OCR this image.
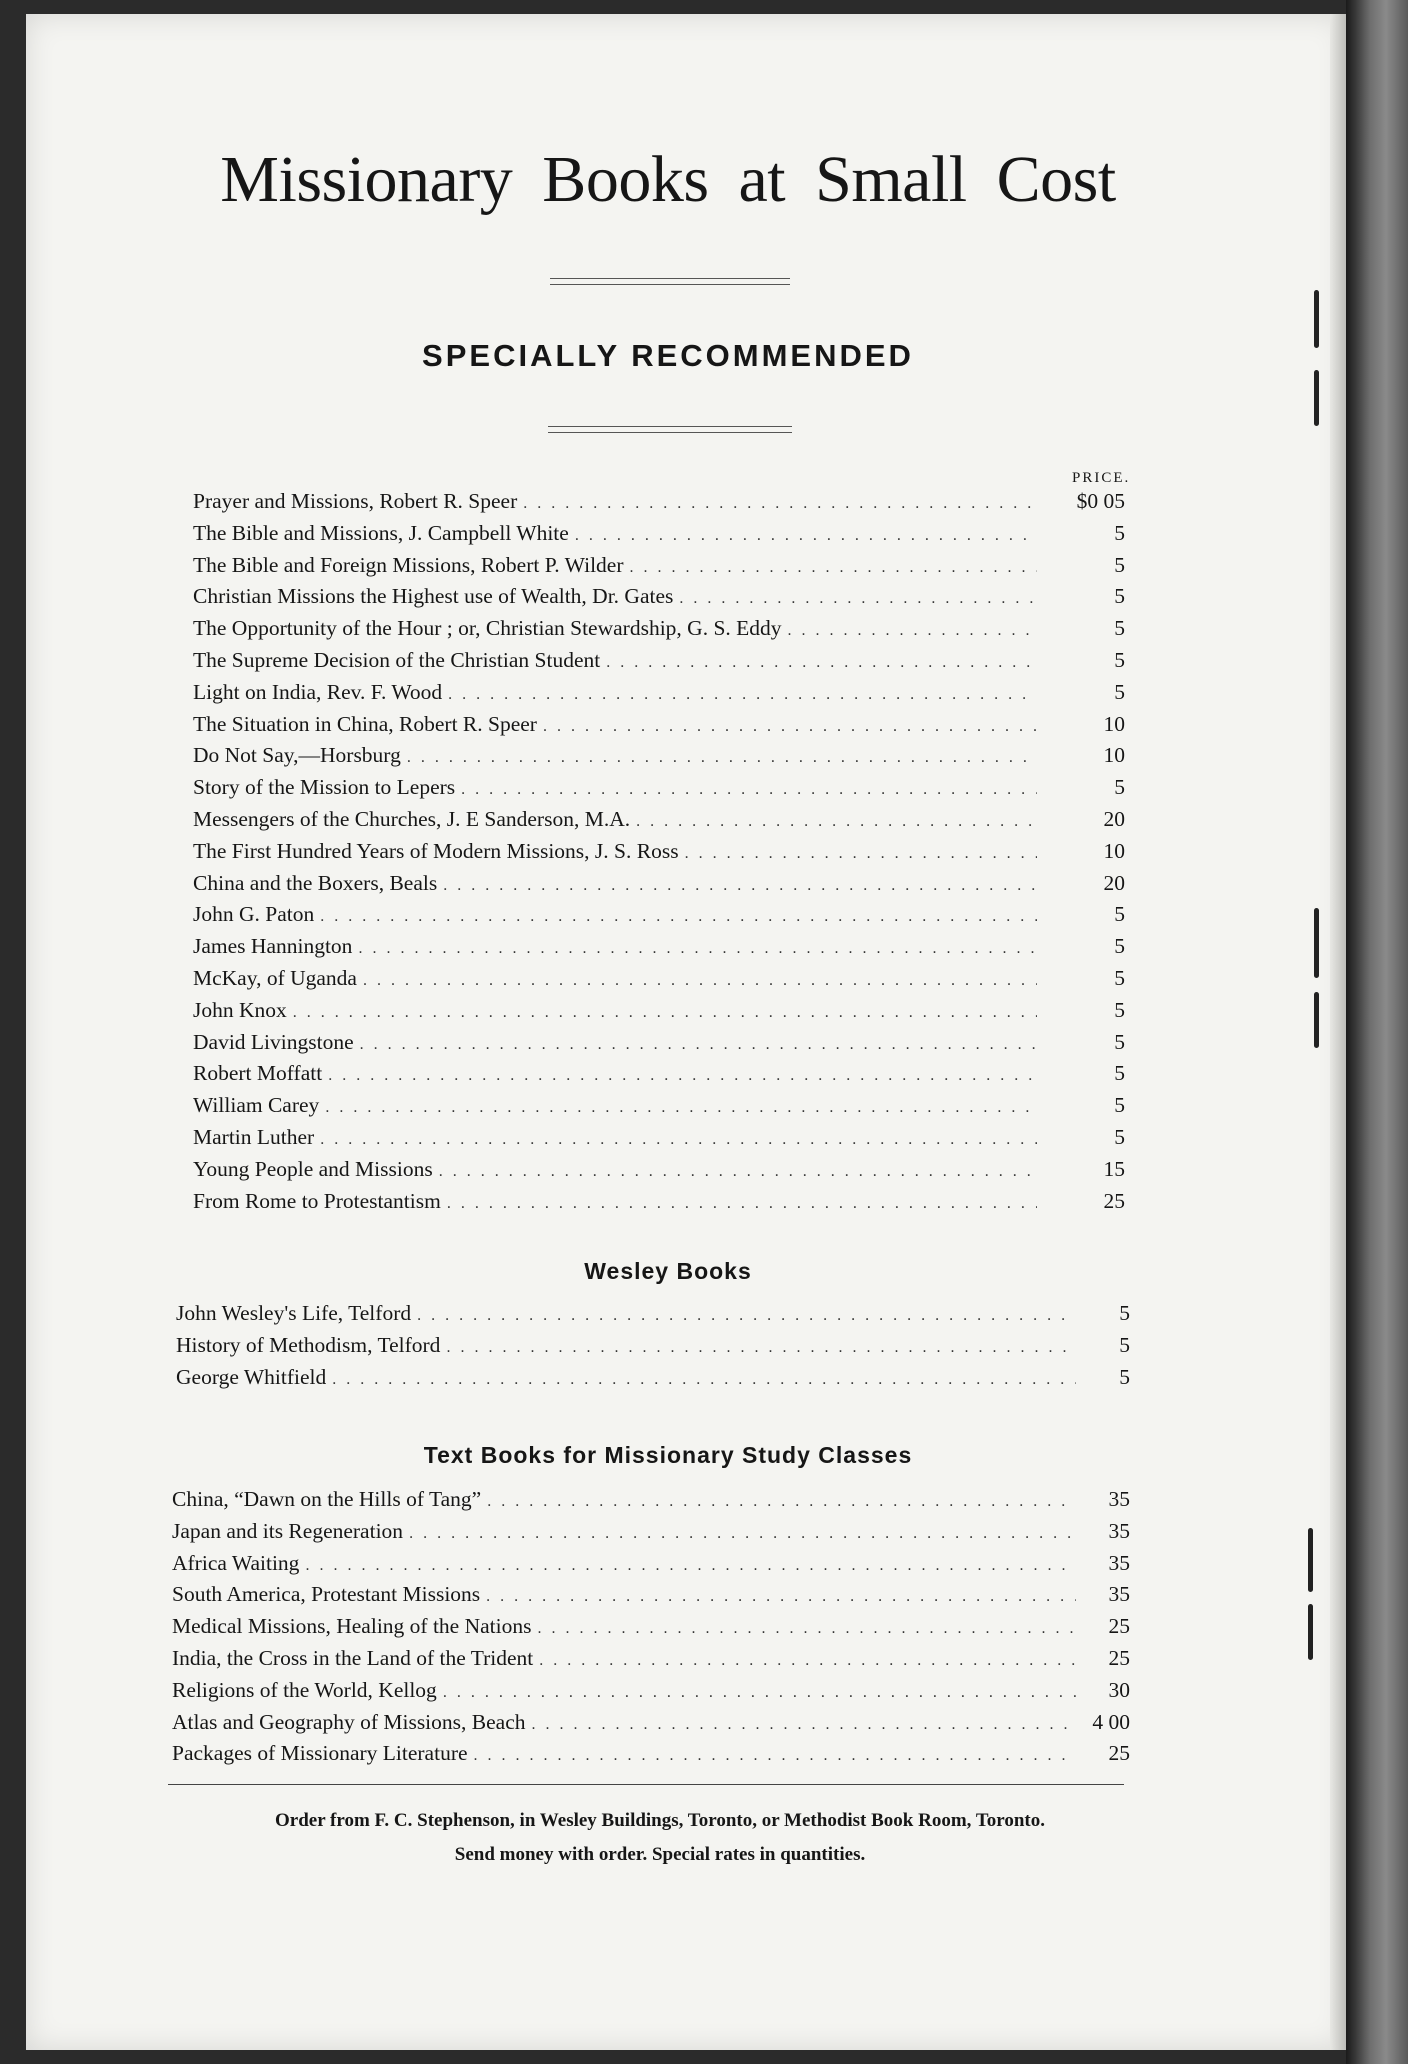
Missionary Books at Small Cost
SPECIALLY RECOMMENDED
PRICE.
Prayer and Missions, Robert R. Speer . . .	$0 05
The Bible and Missions, J. Campbell White . . .	5
The Bible and Foreign Missions, Robert P. Wilder . . .	5
Christian Missions the Highest use of Wealth, Dr. Gates . . .	5
The Opportunity of the Hour ; or, Christian Stewardship, G. S. Eddy . . .	5
The Supreme Decision of the Christian Student . . .	5
Light on India, Rev. F. Wood . . .	5
The Situation in China, Robert R. Speer . . .	10
Do Not Say,—Horsburg . . .	10
Story of the Mission to Lepers . . .	5
Messengers of the Churches, J. E Sanderson, M.A. . . .	20
The First Hundred Years of Modern Missions, J. S. Ross . . .	10
China and the Boxers, Beals . . .	20
John G. Paton . . .	5
James Hannington . . .	5
McKay, of Uganda . . .	5
John Knox . . .	5
David Livingstone . . .	5
Robert Moffatt . . .	5
William Carey . . .	5
Martin Luther . . .	5
Young People and Missions . . .	15
From Rome to Protestantism . . .	25
Wesley Books
John Wesley's Life, Telford . . .	5
History of Methodism, Telford . . .	5
George Whitfield . . .	5
Text Books for Missionary Study Classes
China, “Dawn on the Hills of Tang” . . .	35
Japan and its Regeneration . . .	35
Africa Waiting . . .	35
South America, Protestant Missions . . .	35
Medical Missions, Healing of the Nations . . .	25
India, the Cross in the Land of the Trident . . .	25
Religions of the World, Kellog . . .	30
Atlas and Geography of Missions, Beach . . .	4 00
Packages of Missionary Literature . . .	25
Order from F. C. Stephenson, in Wesley Buildings, Toronto, or Methodist Book Room, Toronto.
Send money with order. Special rates in quantities.
